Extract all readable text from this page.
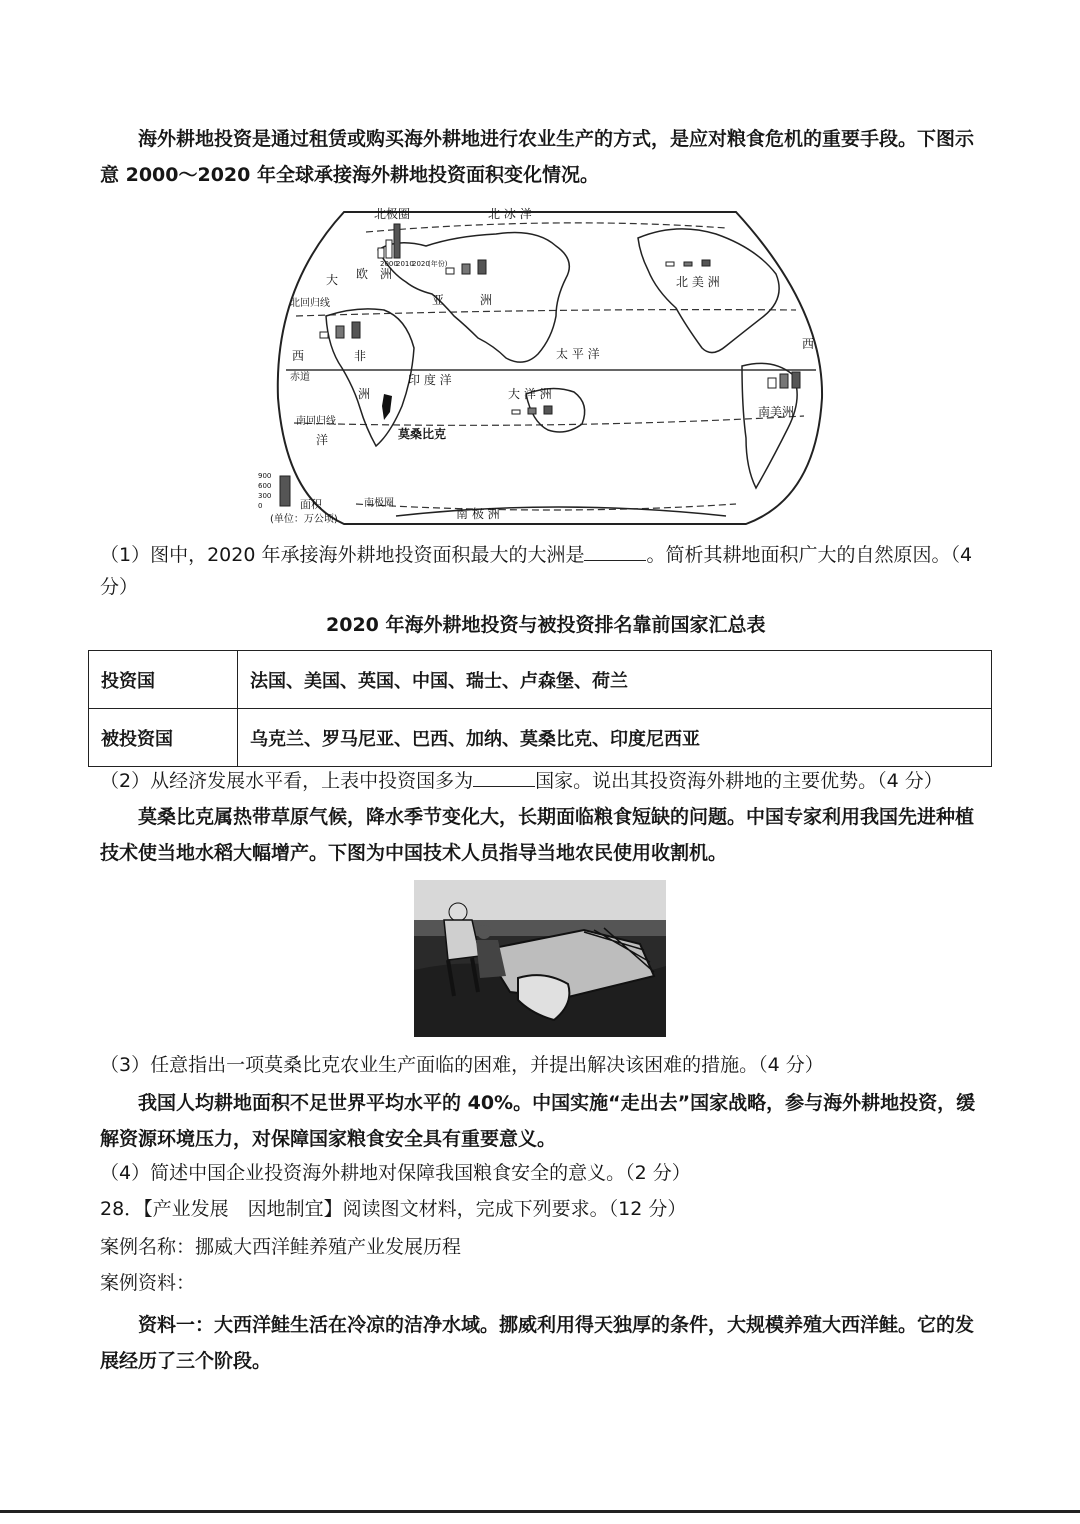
海外耕地投资是通过租赁或购买海外耕地进行农业生产的方式，是应对粮食危机的重要手段。下图示
意 2000～2020 年全球承接海外耕地投资面积变化情况。
北极圈	北 冰 洋
大 欧 洲
亚	洲
北回归线
西	非
赤道
洲
印 度 洋
南回归线
洋	莫桑比克
大 洋 洲
太 平 洋
北 美 洲
南美洲
西
南 极 洲
南极圈
2000
2010
2020
(年份)
900
600
300
0	面积
(单位：万公顷)
（1）图中，2020 年承接海外耕地投资面积最大的大洲是	。简析其耕地面积广大的自然原因。（4
分）
2020 年海外耕地投资与被投资排名靠前国家汇总表
投资国	法国、美国、英国、中国、瑞士、卢森堡、荷兰
被投资国	乌克兰、罗马尼亚、巴西、加纳、莫桑比克、印度尼西亚
（2）从经济发展水平看，上表中投资国多为	国家。说出其投资海外耕地的主要优势。（4 分）
莫桑比克属热带草原气候，降水季节变化大，长期面临粮食短缺的问题。中国专家利用我国先进种植
技术使当地水稻大幅增产。下图为中国技术人员指导当地农民使用收割机。
（3）任意指出一项莫桑比克农业生产面临的困难，并提出解决该困难的措施。（4 分）
我国人均耕地面积不足世界平均水平的 40%。中国实施“走出去”国家战略，参与海外耕地投资，缓
解资源环境压力，对保障国家粮食安全具有重要意义。
（4）简述中国企业投资海外耕地对保障我国粮食安全的意义。（2 分）
28．【产业发展　因地制宜】阅读图文材料，完成下列要求。（12 分）
案例名称：挪威大西洋鲑养殖产业发展历程
案例资料：
资料一：大西洋鲑生活在冷凉的洁净水域。挪威利用得天独厚的条件，大规模养殖大西洋鲑。它的发
展经历了三个阶段。
